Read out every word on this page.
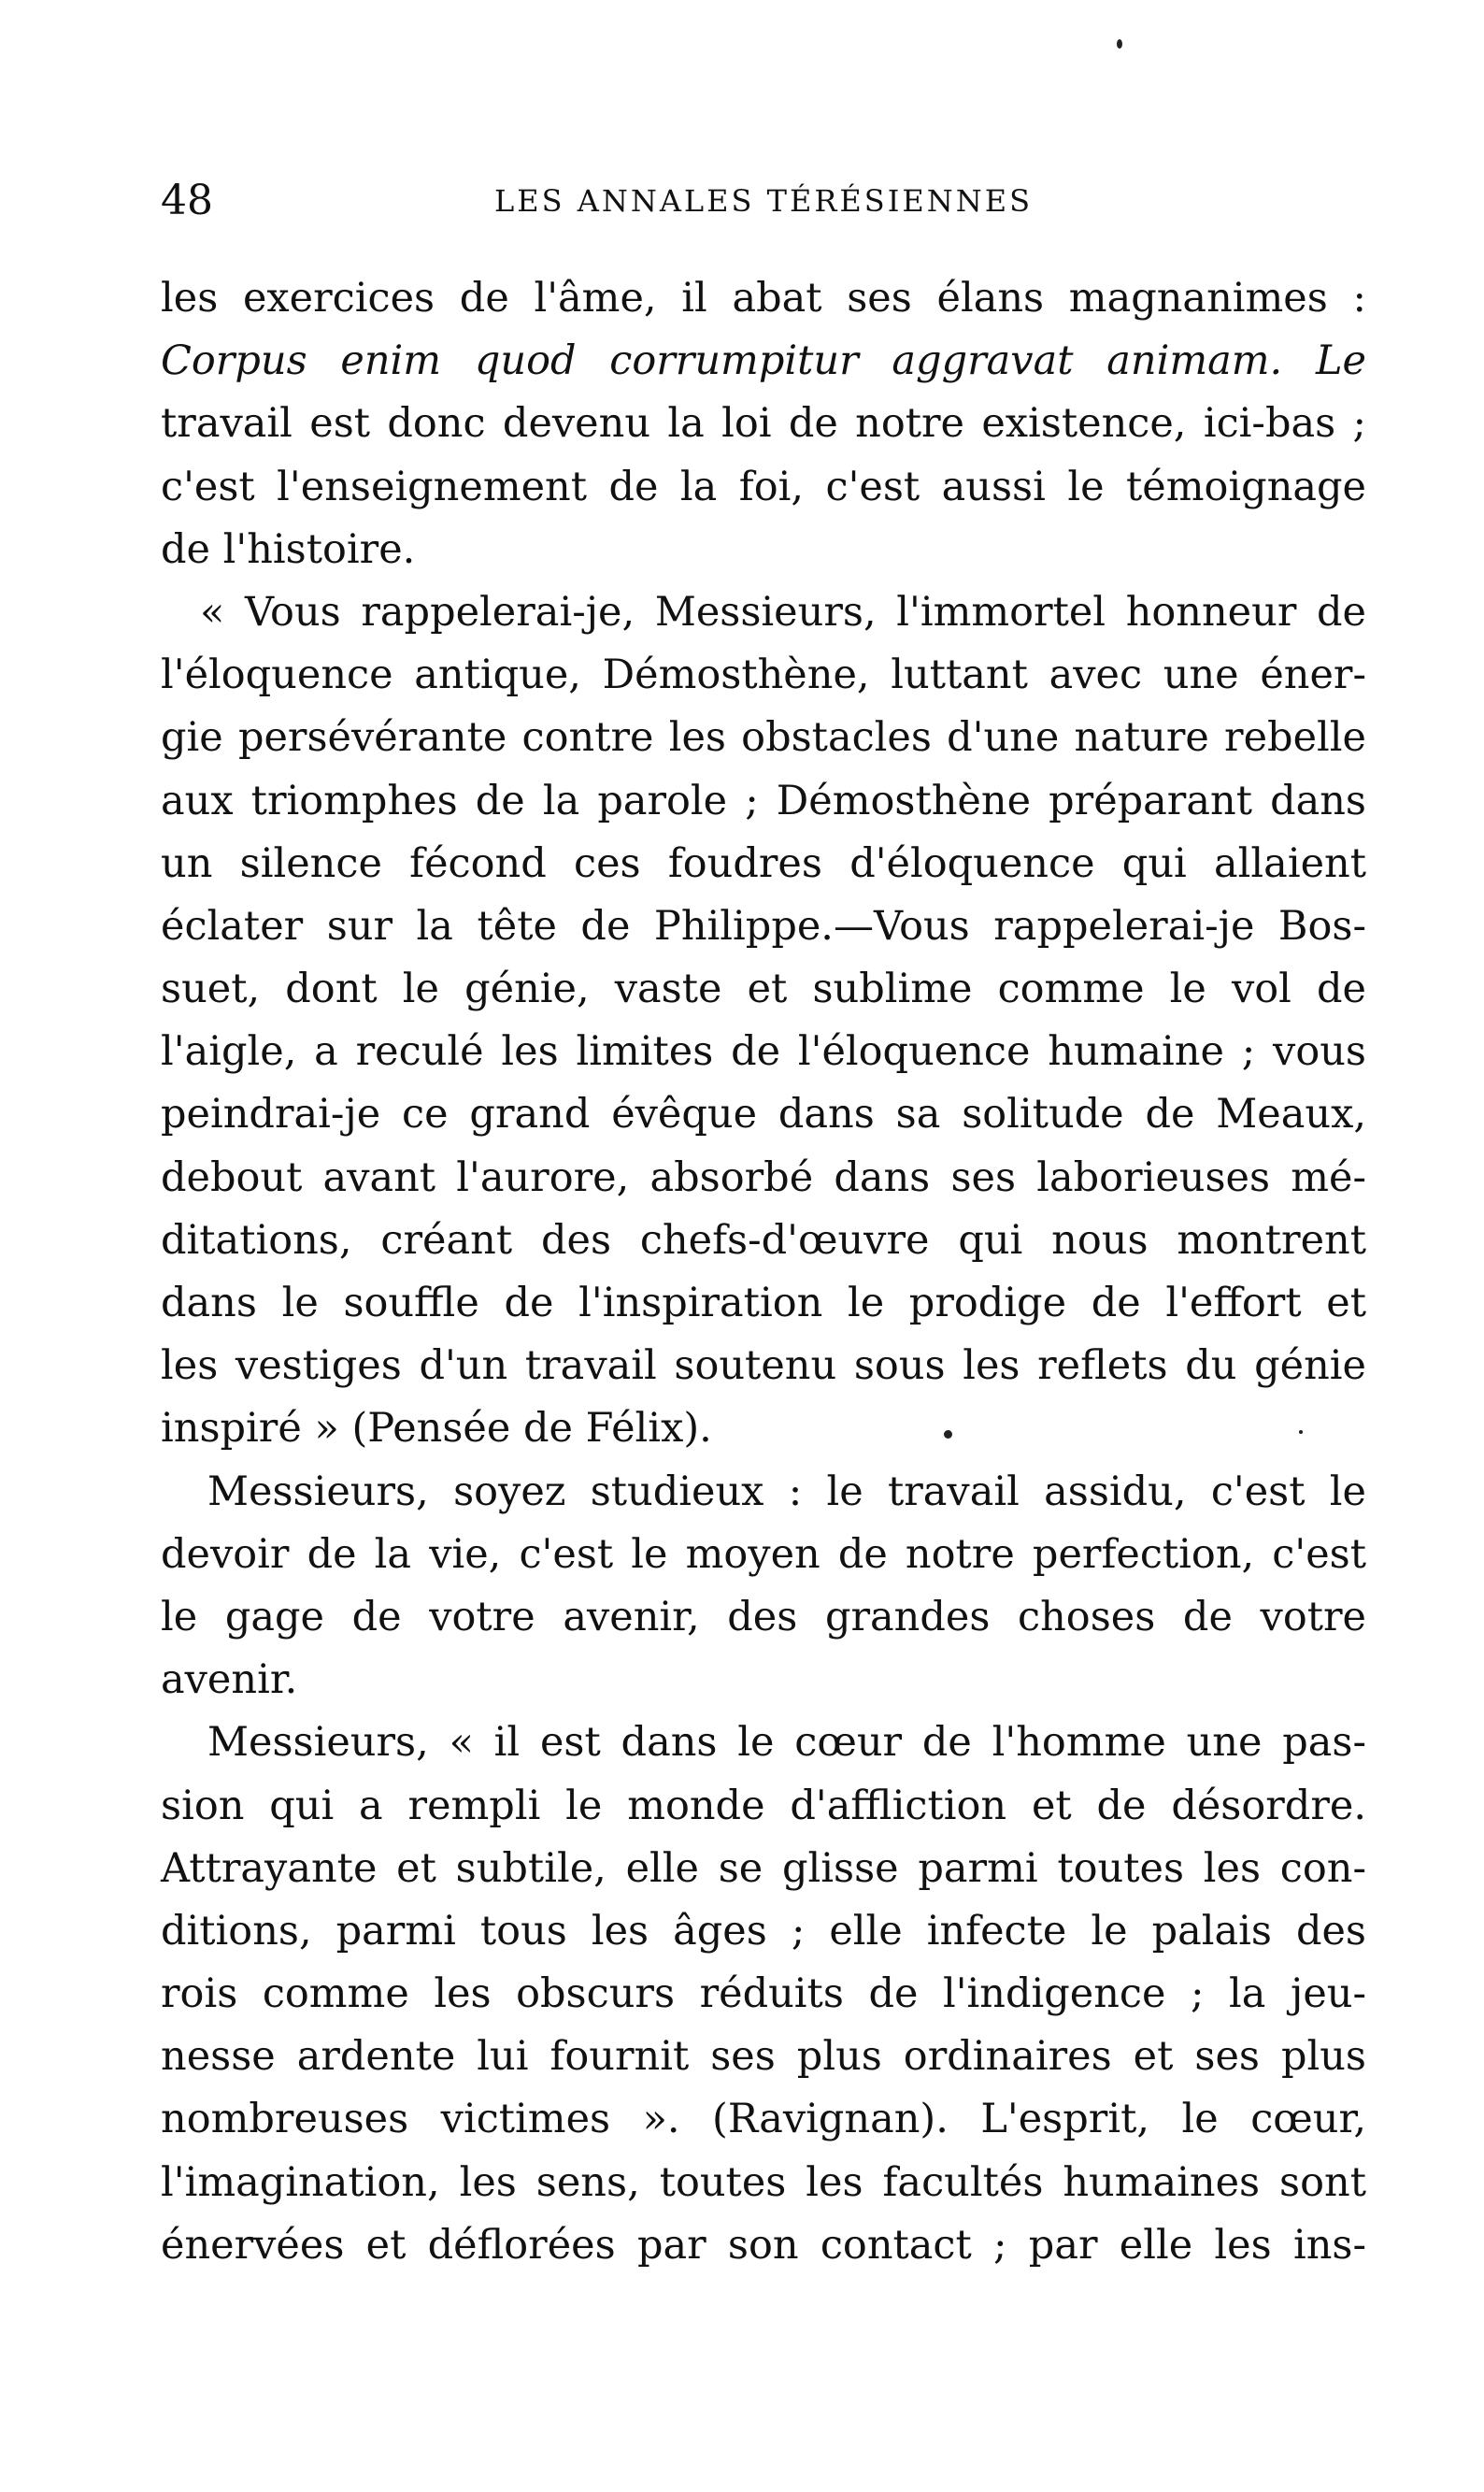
48	LES ANNALES TÉRÉSIENNES
les exercices de l'âme, il abat ses élans magnanimes :
Corpus enim quod corrumpitur aggravat animam. Le
travail est donc devenu la loi de notre existence, ici-bas ;
c'est l'enseignement de la foi, c'est aussi le témoignage
de l'histoire.
« Vous rappelerai-je, Messieurs, l'immortel honneur de
l'éloquence antique, Démosthène, luttant avec une éner-
gie persévérante contre les obstacles d'une nature rebelle
aux triomphes de la parole ; Démosthène préparant dans
un silence fécond ces foudres d'éloquence qui allaient
éclater sur la tête de Philippe.—Vous rappelerai-je Bos-
suet, dont le génie, vaste et sublime comme le vol de
l'aigle, a reculé les limites de l'éloquence humaine ; vous
peindrai-je ce grand évêque dans sa solitude de Meaux,
debout avant l'aurore, absorbé dans ses laborieuses mé-
ditations, créant des chefs-d'œuvre qui nous montrent
dans le souffle de l'inspiration le prodige de l'effort et
les vestiges d'un travail soutenu sous les reflets du génie
inspiré » (Pensée de Félix).
Messieurs, soyez studieux : le travail assidu, c'est le
devoir de la vie, c'est le moyen de notre perfection, c'est
le gage de votre avenir, des grandes choses de votre
avenir.
Messieurs, « il est dans le cœur de l'homme une pas-
sion qui a rempli le monde d'affliction et de désordre.
Attrayante et subtile, elle se glisse parmi toutes les con-
ditions, parmi tous les âges ; elle infecte le palais des
rois comme les obscurs réduits de l'indigence ; la jeu-
nesse ardente lui fournit ses plus ordinaires et ses plus
nombreuses victimes ». (Ravignan). L'esprit, le cœur,
l'imagination, les sens, toutes les facultés humaines sont
énervées et déflorées par son contact ; par elle les ins-
